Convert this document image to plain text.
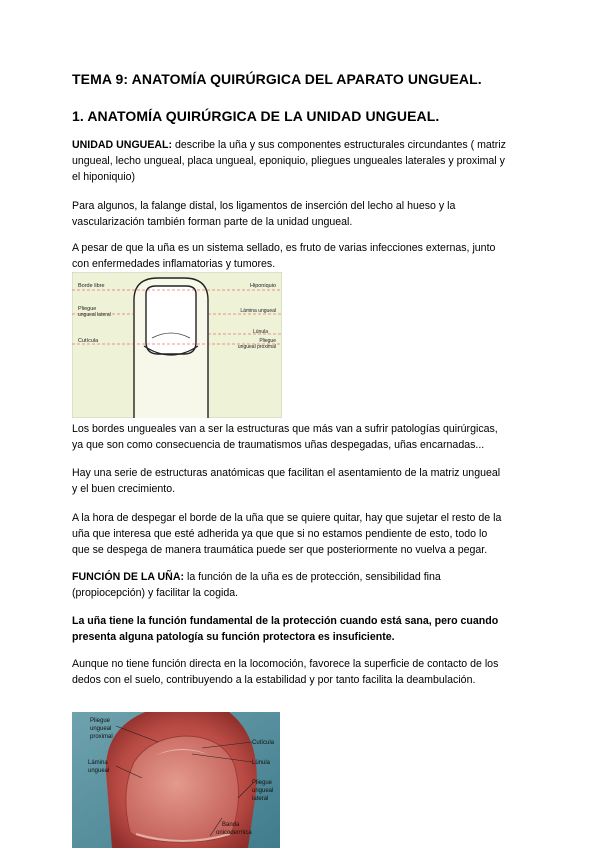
TEMA 9: ANATOMÍA QUIRÚRGICA DEL APARATO UNGUEAL.
1. ANATOMÍA QUIRÚRGICA DE LA UNIDAD UNGUEAL.
UNIDAD UNGUEAL: describe la uña y sus componentes estructurales circundantes ( matriz
ungueal, lecho ungueal, placa ungueal, eponiquio, pliegues ungueales laterales y proximal y
el hiponiquio)
Para algunos, la falange distal, los ligamentos de inserción del lecho al hueso y la
vascularización también forman parte de la unidad ungueal.
A pesar de que la uña es un sistema sellado, es fruto de varias infecciones externas, junto
con enfermedades inflamatorias y tumores.
Borde libre
Pliegue
ungueal lateral
Cutícula
Hiponiquio
Lámina ungueal
Lúnula
Pliegue
ungueal proximal
Los bordes ungueales van a ser la estructuras que más van a sufrir patologías quirúrgicas,
ya que son como consecuencia de traumatismos uñas despegadas, uñas encarnadas...
Hay una serie de estructuras anatómicas que facilitan el asentamiento de la matriz ungueal
y el buen crecimiento.
A la hora de despegar el borde de la uña que se quiere quitar, hay que sujetar el resto de la
uña que interesa que esté adherida ya que que si no estamos pendiente de esto, todo lo
que se despega de manera traumática puede ser que posteriormente no vuelva a pegar.
FUNCIÓN DE LA UÑA: la función de la uña es de protección, sensibilidad fina
(propiocepción) y facilitar la cogida.
La uña tiene la función fundamental de la protección cuando está sana, pero cuando
presenta alguna patología su función protectora es insuficiente.
Aunque no tiene función directa en la locomoción, favorece la superficie de contacto de los
dedos con el suelo, contribuyendo a la estabilidad y por tanto facilita la deambulación.
Pliegue
ungueal
proximal
Lámina
ungueal
Cutícula
Lúnula
Pliegue
ungueal
lateral
Banda
onicodermica
